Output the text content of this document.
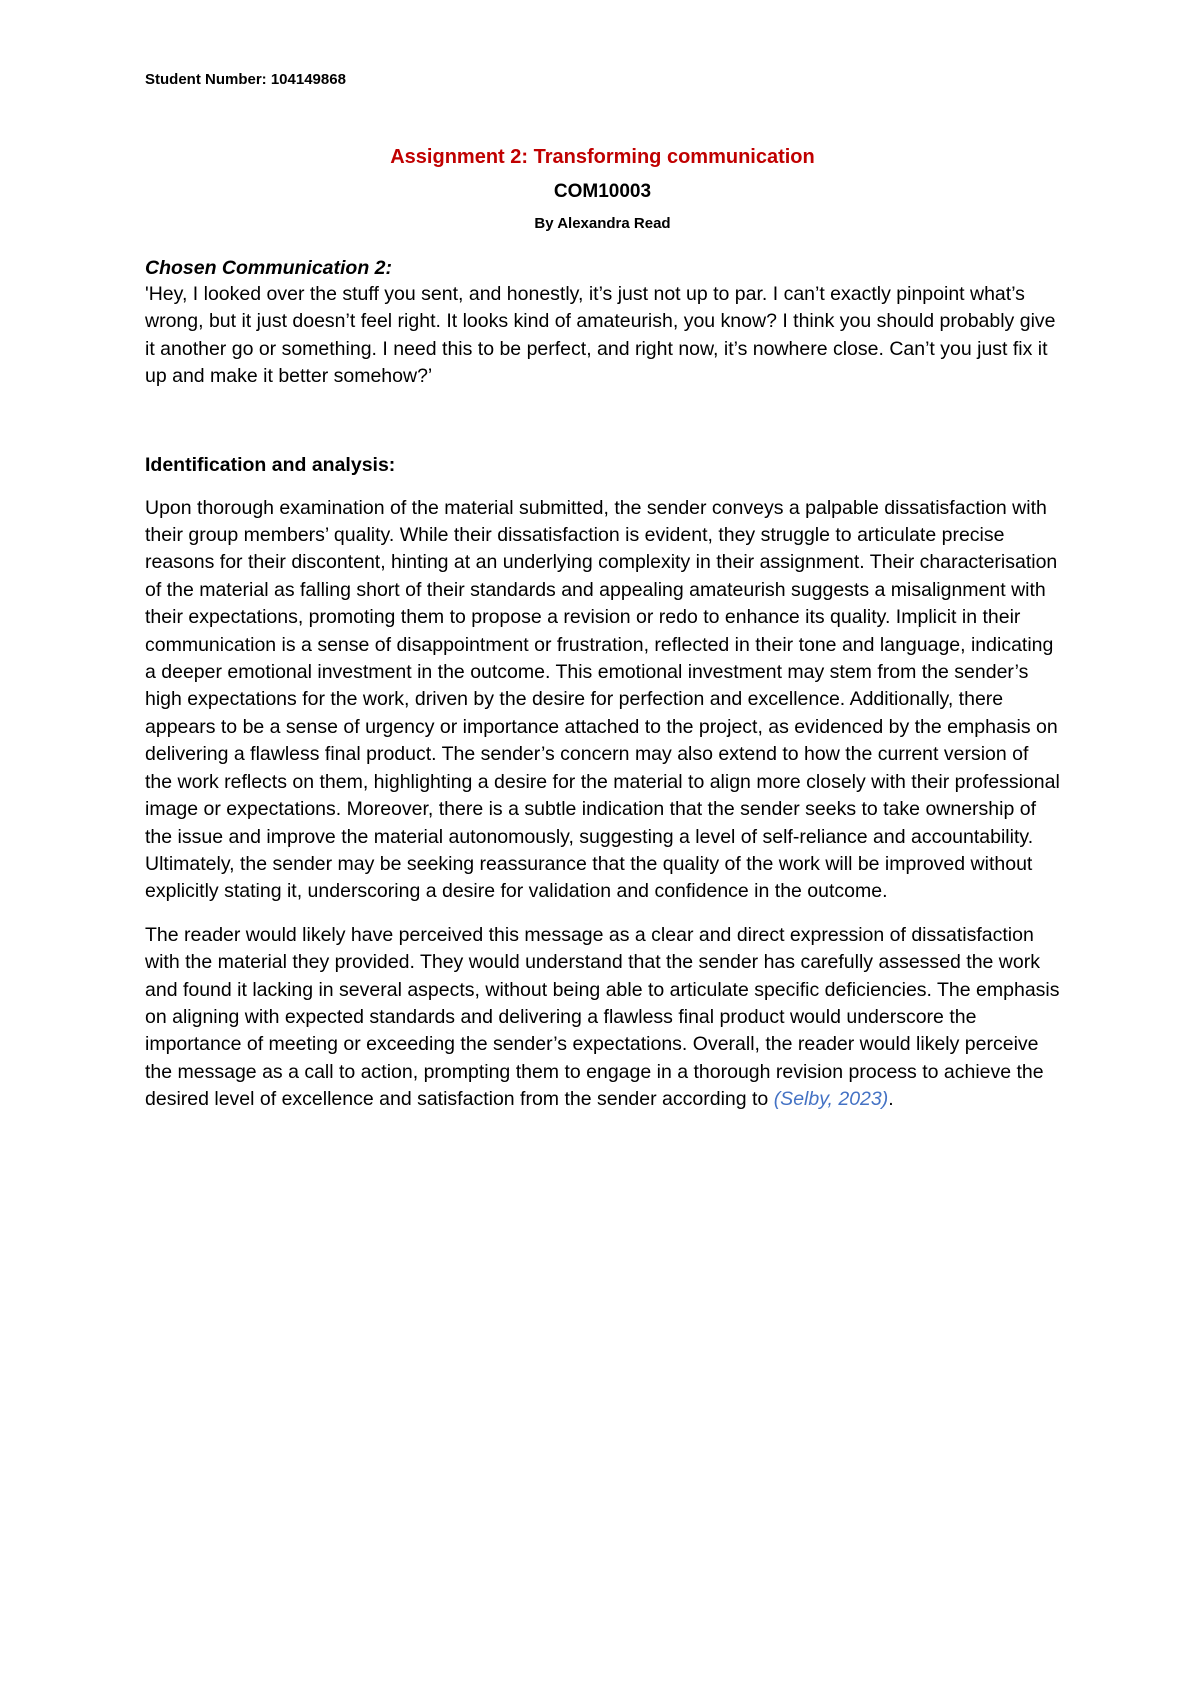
Student Number: 104149868
Assignment 2: Transforming communication
COM10003
By Alexandra Read
Chosen Communication 2:

'Hey, I looked over the stuff you sent, and honestly, it’s just not up to par. I can’t exactly pinpoint what’s wrong, but it just doesn’t feel right. It looks kind of amateurish, you know? I think you should probably give it another go or something. I need this to be perfect, and right now, it’s nowhere close. Can’t you just fix it up and make it better somehow?’

Identification and analysis:

Upon thorough examination of the material submitted, the sender conveys a palpable dissatisfaction with their group members’ quality. While their dissatisfaction is evident, they struggle to articulate precise reasons for their discontent, hinting at an underlying complexity in their assignment. Their characterisation of the material as falling short of their standards and appealing amateurish suggests a misalignment with their expectations, promoting them to propose a revision or redo to enhance its quality. Implicit in their communication is a sense of disappointment or frustration, reflected in their tone and language, indicating a deeper emotional investment in the outcome. This emotional investment may stem from the sender’s high expectations for the work, driven by the desire for perfection and excellence. Additionally, there appears to be a sense of urgency or importance attached to the project, as evidenced by the emphasis on delivering a flawless final product. The sender’s concern may also extend to how the current version of the work reflects on them, highlighting a desire for the material to align more closely with their professional image or expectations. Moreover, there is a subtle indication that the sender seeks to take ownership of the issue and improve the material autonomously, suggesting a level of self-reliance and accountability. Ultimately, the sender may be seeking reassurance that the quality of the work will be improved without explicitly stating it, underscoring a desire for validation and confidence in the outcome.

The reader would likely have perceived this message as a clear and direct expression of dissatisfaction with the material they provided. They would understand that the sender has carefully assessed the work and found it lacking in several aspects, without being able to articulate specific deficiencies. The emphasis on aligning with expected standards and delivering a flawless final product would underscore the importance of meeting or exceeding the sender’s expectations. Overall, the reader would likely perceive the message as a call to action, prompting them to engage in a thorough revision process to achieve the desired level of excellence and satisfaction from the sender according to (Selby, 2023).
